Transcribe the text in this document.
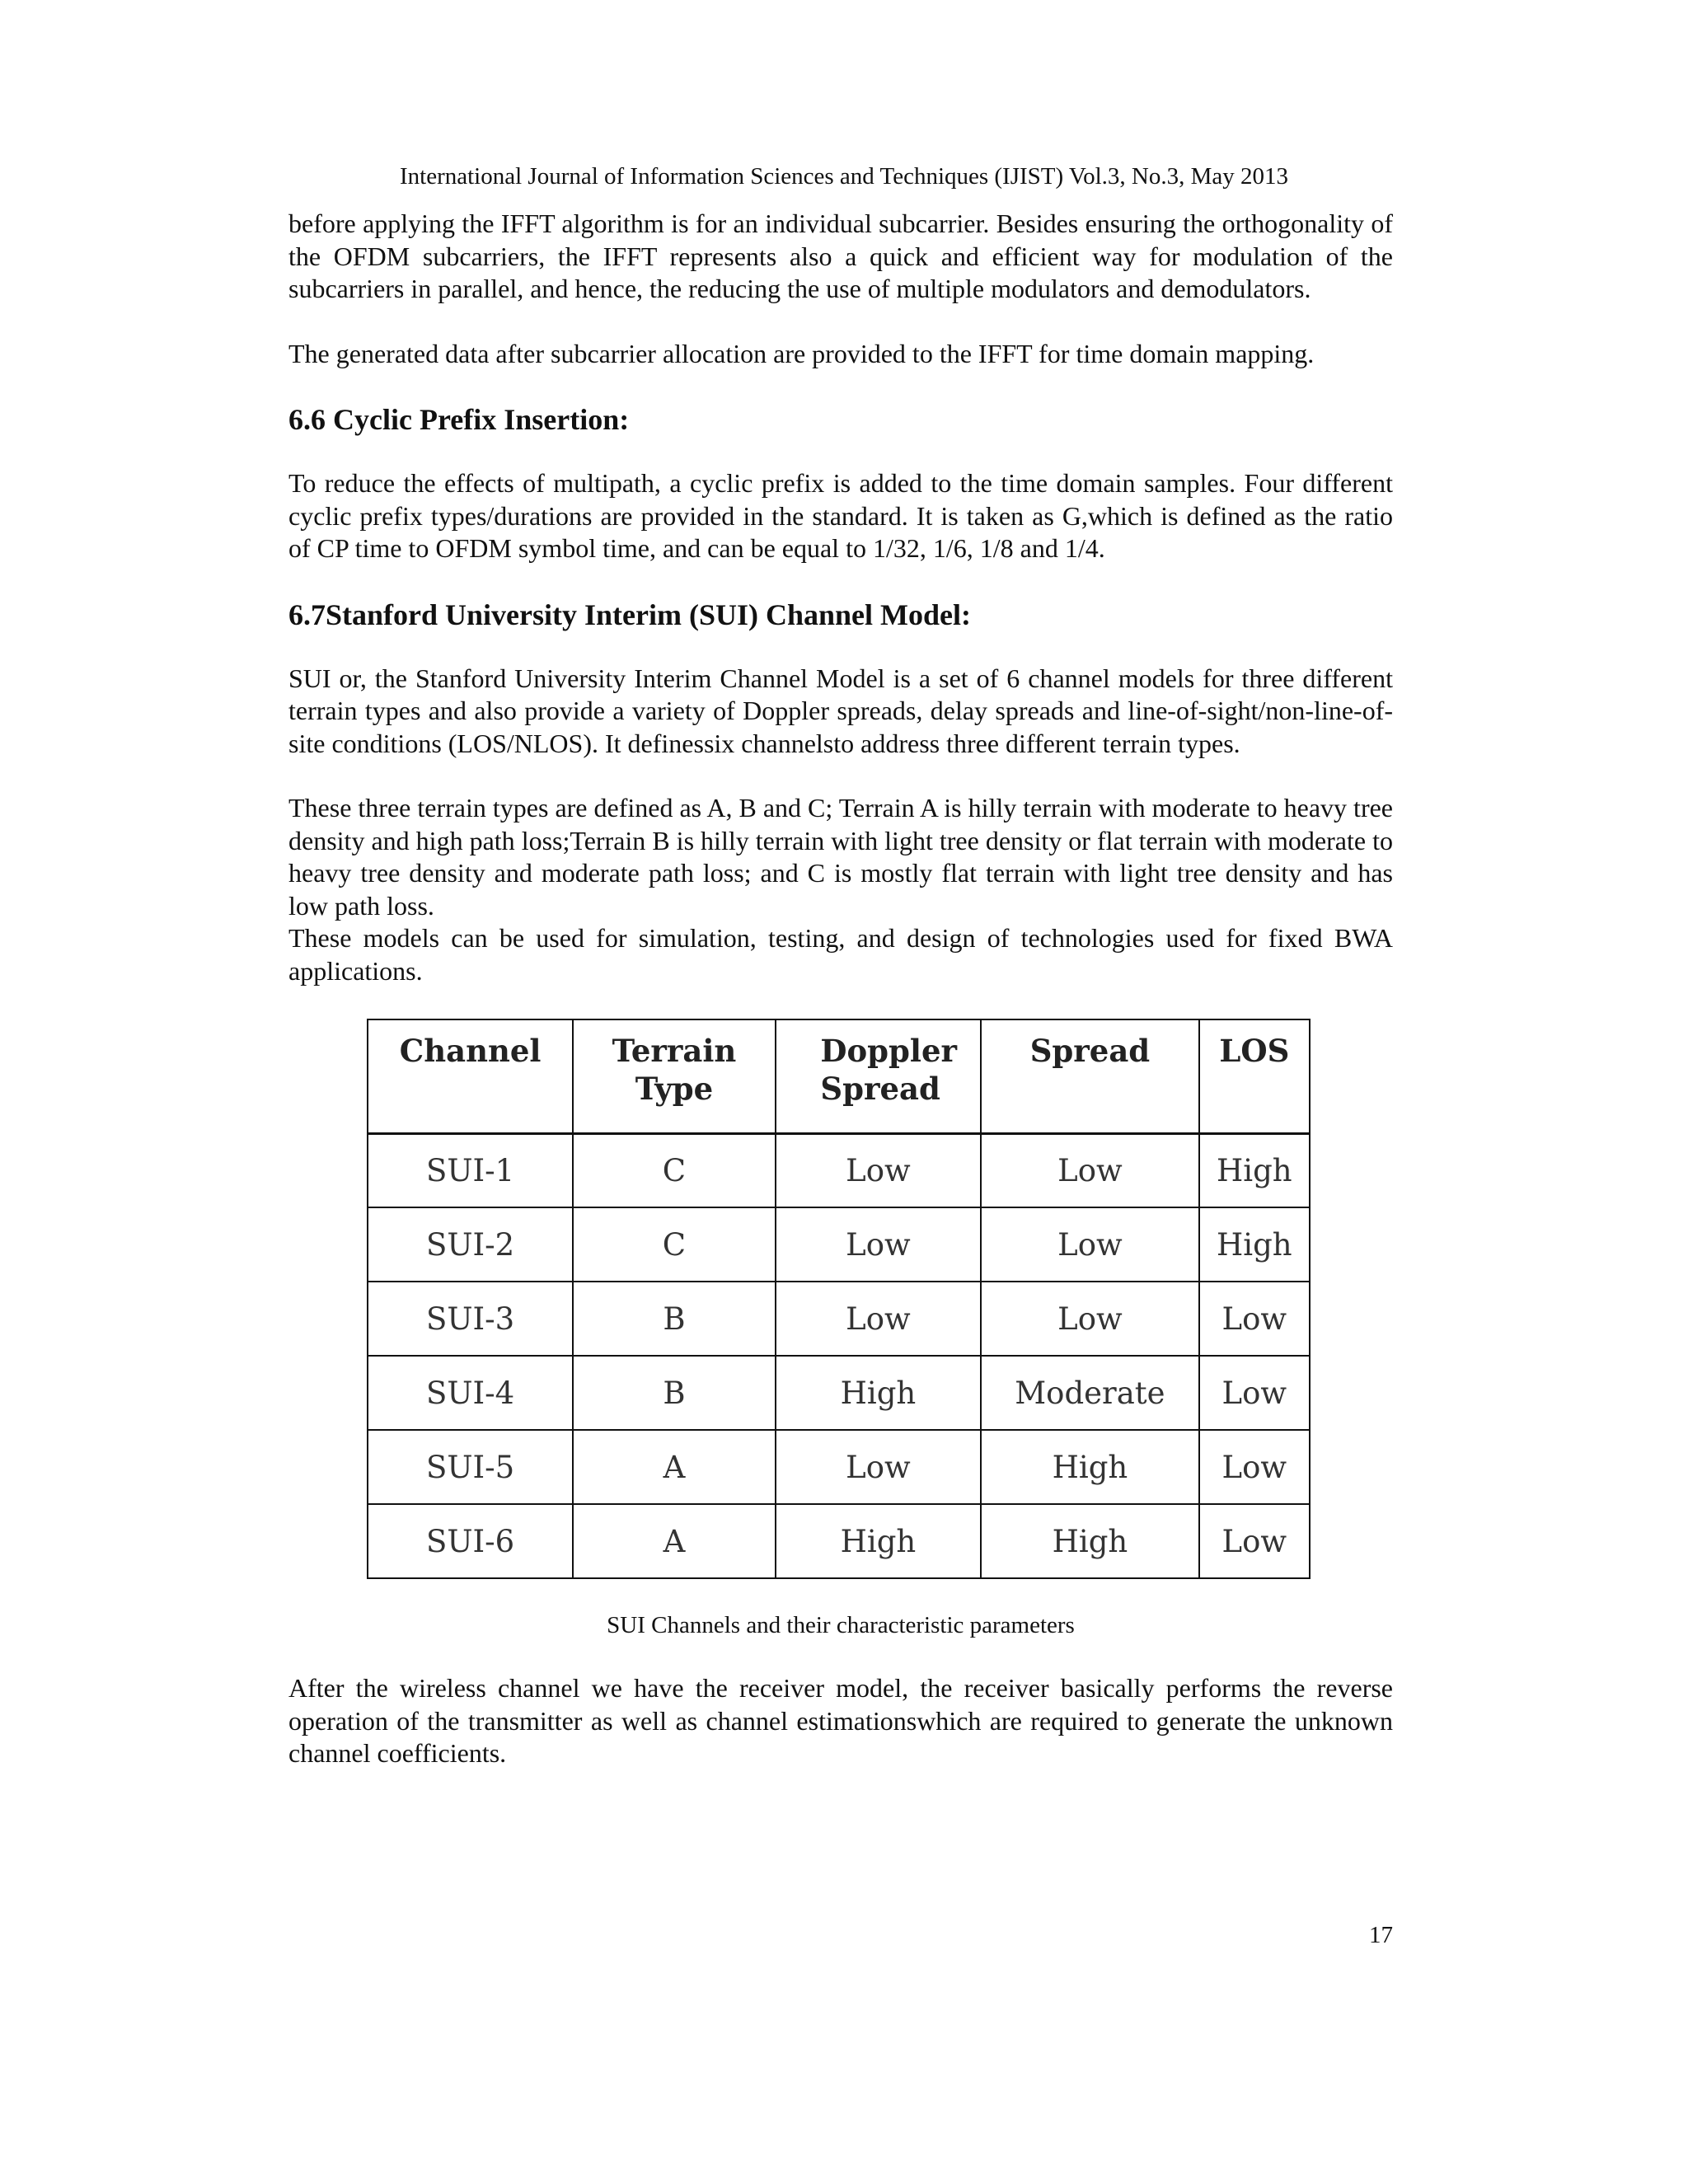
International Journal of Information Sciences and Techniques (IJIST) Vol.3, No.3, May 2013

before applying the IFFT algorithm is for an individual subcarrier. Besides ensuring the orthogonality of the OFDM subcarriers, the IFFT represents also a quick and efficient way for modulation of the subcarriers in parallel, and hence, the reducing the use of multiple modulators and demodulators.

The generated data after subcarrier allocation are provided to the IFFT for time domain mapping.

6.6 Cyclic Prefix Insertion:

To reduce the effects of multipath, a cyclic prefix is added to the time domain samples. Four different cyclic prefix types/durations are provided in the standard. It is taken as G,which is defined as the ratio of CP time to OFDM symbol time, and can be equal to 1/32, 1/6, 1/8 and 1/4.

6.7Stanford University Interim (SUI) Channel Model:

SUI or, the Stanford University Interim Channel Model is a set of 6 channel models for three different terrain types and also provide a variety of Doppler spreads, delay spreads and line-of-sight/non-line-of-site conditions (LOS/NLOS). It definessix channelsto address three different terrain types.

These three terrain types are defined as A, B and C; Terrain A is hilly terrain with moderate to heavy tree density and high path loss;Terrain B is hilly terrain with light tree density or flat terrain with moderate to heavy tree density and moderate path loss; and C is mostly flat terrain with light tree density and has low path loss.

These models can be used for simulation, testing, and design of technologies used for fixed BWA applications.

Channel	Terrain Type	Doppler Spread	Spread	LOS
SUI-1	C	Low	Low	High
SUI-2	C	Low	Low	High
SUI-3	B	Low	Low	Low
SUI-4	B	High	Moderate	Low
SUI-5	A	Low	High	Low
SUI-6	A	High	High	Low

SUI Channels and their characteristic parameters

After the wireless channel we have the receiver model, the receiver basically performs the reverse operation of the transmitter as well as channel estimationswhich are required to generate the unknown channel coefficients.

17
